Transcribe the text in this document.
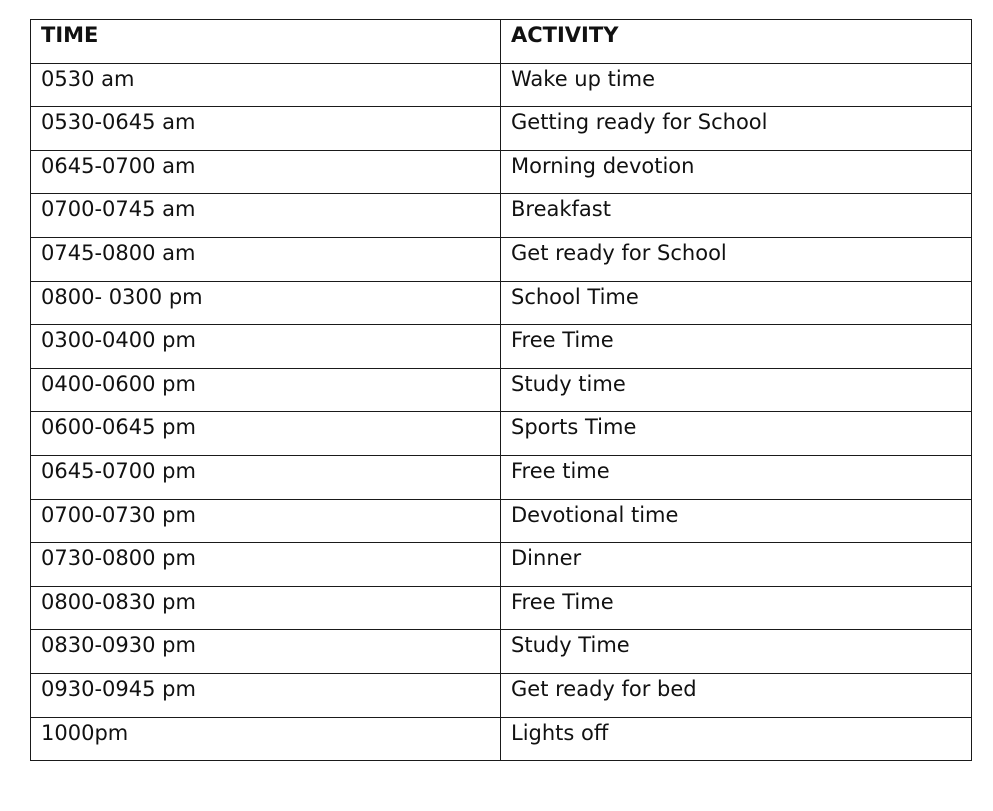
TIME	ACTIVITY
0530 am	Wake up time
0530-0645 am	Getting ready for School
0645-0700 am	Morning devotion
0700-0745 am	Breakfast
0745-0800 am	Get ready for School
0800- 0300 pm	School Time
0300-0400 pm	Free Time
0400-0600 pm	Study time
0600-0645 pm	Sports Time
0645-0700 pm	Free time
0700-0730 pm	Devotional time
0730-0800 pm	Dinner
0800-0830 pm	Free Time
0830-0930 pm	Study Time
0930-0945 pm	Get ready for bed
1000pm	Lights off
